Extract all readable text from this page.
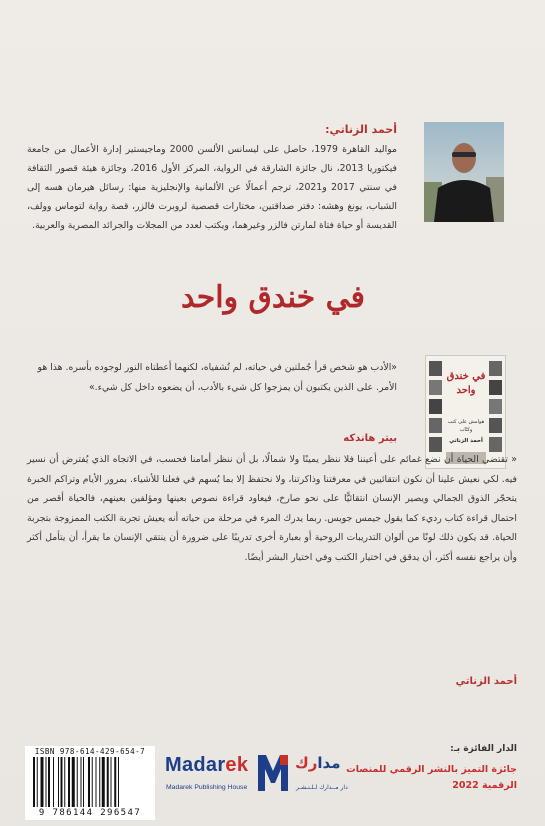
أحمد الزناتي:
مواليد القاهرة 1979، حاصل على ليسانس الألسن 2000 وماجيستير إدارة الأعمال من جامعة فيكتوريا 2013، نال جائزة الشارقة في الرواية، المركز الأول 2016، وجائزة هيئة قصور الثقافة في سنتي 2017 و2021، ترجم أعمالًا عن الألمانية والإنجليزية منها: رسائل هيرمان هسه إلى الشباب، يونغ وهشه: دفتر صداقتين، مختارات قصصية لروبرت فالزر، قصة رواية لتوماس وولف، القديسة أو حياة فتاة لمارتن فالزر وغيرهما، ويكتب لعدد من المجلات والجرائد المصرية والعربية.
في خندق واحد
في خندق واحد
هوامش على كتب وكتّاب
أحمد الزناتي
«الأدب هو شخص قرأ جُملتين في حياته، لم تُشفياه، لكنهما أعطتاه النور لوجوده بأسره. هذا هو الأمر. على الذين يكتبون أن يمزجوا كل شيء بالأدب، أن يضعوه داخل كل شيء.»
بيتر هاندكه
« تقتضي الحياة أن نضع غمائم على أعيننا فلا ننظر يمينًا ولا شمالًا، بل أن ننظر أمامنا فحسب، في الاتجاه الذي يُفترض أن نسير فيه. لكي نعيش علينا أن نكون انتقائيين في معرفتنا وذاكرتنا، ولا نحتفظ إلا بما يُسهم في فعلنا للأشياء. بمرور الأيام وتراكم الخبرة يتحجّر الذوق الجمالي ويصير الإنسان انتقائيًّا على نحو صارخ، فيعاود قراءة نصوص بعينها ومؤلفين بعينهم، فالحياة أقصر من احتمال قراءة كتاب رديء كما يقول جيمس جويس. ربما يدرك المرء في مرحلة من حياته أنه يعيش تجربة الكتب الممزوجة بتجربة الحياة. قد يكون ذلك لونًا من ألوان التدريبات الروحية أو بعبارة أخرى تدريبًا على ضرورة أن ينتقي الإنسان ما يقرأ، أن يتأمل أكثر وأن يراجع نفسه أكثر، أن يدقق في اختيار الكتب وفي اختيار البشر أيضًا.
أحمد الزناتي
ISBN 978-614-429-654-7
9 786144 296547
Madarek
Madarek Publishing House
مدارك
دار مــدارك لـلـنـشـر
الدار الفائزة بـ:
جائزة التميز بالنشر الرقمي للمنصات الرقمية 2022
